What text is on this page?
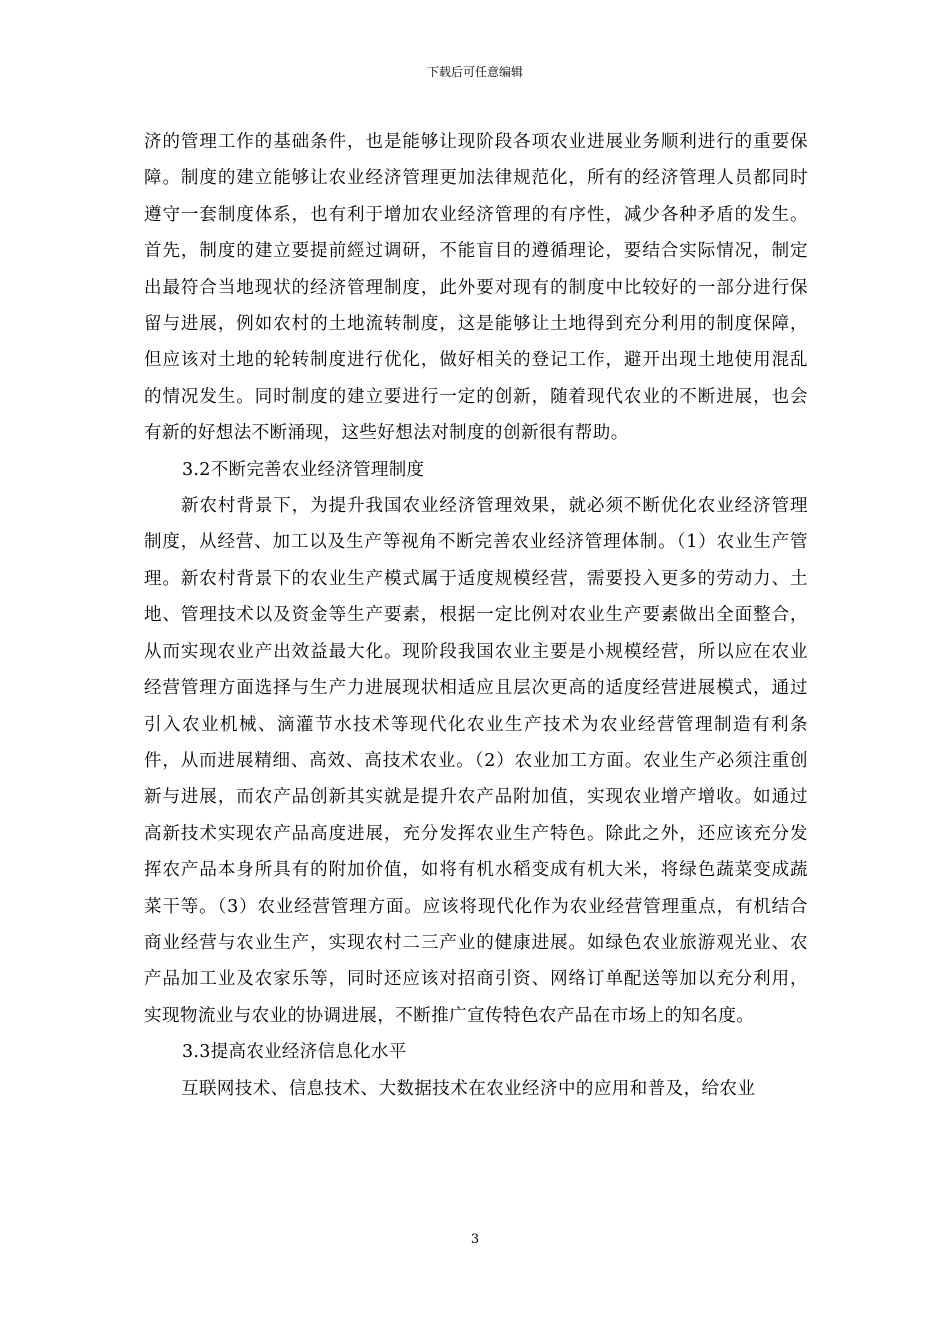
下载后可任意编辑

济的管理工作的基础条件，也是能够让现阶段各项农业进展业务顺利进行的重要保障。制度的建立能够让农业经济管理更加法律规范化，所有的经济管理人员都同时遵守一套制度体系，也有利于增加农业经济管理的有序性，减少各种矛盾的发生。首先，制度的建立要提前經过调研，不能盲目的遵循理论，要结合实际情况，制定出最符合当地现状的经济管理制度，此外要对现有的制度中比较好的一部分进行保留与进展，例如农村的土地流转制度，这是能够让土地得到充分利用的制度保障，但应该对土地的轮转制度进行优化，做好相关的登记工作，避开出现土地使用混乱的情况发生。同时制度的建立要进行一定的创新，随着现代农业的不断进展，也会有新的好想法不断涌现，这些好想法对制度的创新很有帮助。

3.2不断完善农业经济管理制度

新农村背景下，为提升我国农业经济管理效果，就必须不断优化农业经济管理制度，从经营、加工以及生产等视角不断完善农业经济管理体制。（1）农业生产管理。新农村背景下的农业生产模式属于适度规模经营，需要投入更多的劳动力、土地、管理技术以及资金等生产要素，根据一定比例对农业生产要素做出全面整合，从而实现农业产出效益最大化。现阶段我国农业主要是小规模经营，所以应在农业经营管理方面选择与生产力进展现状相适应且层次更高的适度经营进展模式，通过引入农业机械、滴灌节水技术等现代化农业生产技术为农业经营管理制造有利条件，从而进展精细、高效、高技术农业。（2）农业加工方面。农业生产必须注重创新与进展，而农产品创新其实就是提升农产品附加值，实现农业增产增收。如通过高新技术实现农产品高度进展，充分发挥农业生产特色。除此之外，还应该充分发挥农产品本身所具有的附加价值，如将有机水稻变成有机大米，将绿色蔬菜变成蔬菜干等。（3）农业经营管理方面。应该将现代化作为农业经营管理重点，有机结合商业经营与农业生产，实现农村二三产业的健康进展。如绿色农业旅游观光业、农产品加工业及农家乐等，同时还应该对招商引资、网络订单配送等加以充分利用，实现物流业与农业的协调进展，不断推广宣传特色农产品在市场上的知名度。

3.3提高农业经济信息化水平

互联网技术、信息技术、大数据技术在农业经济中的应用和普及，给农业

3
